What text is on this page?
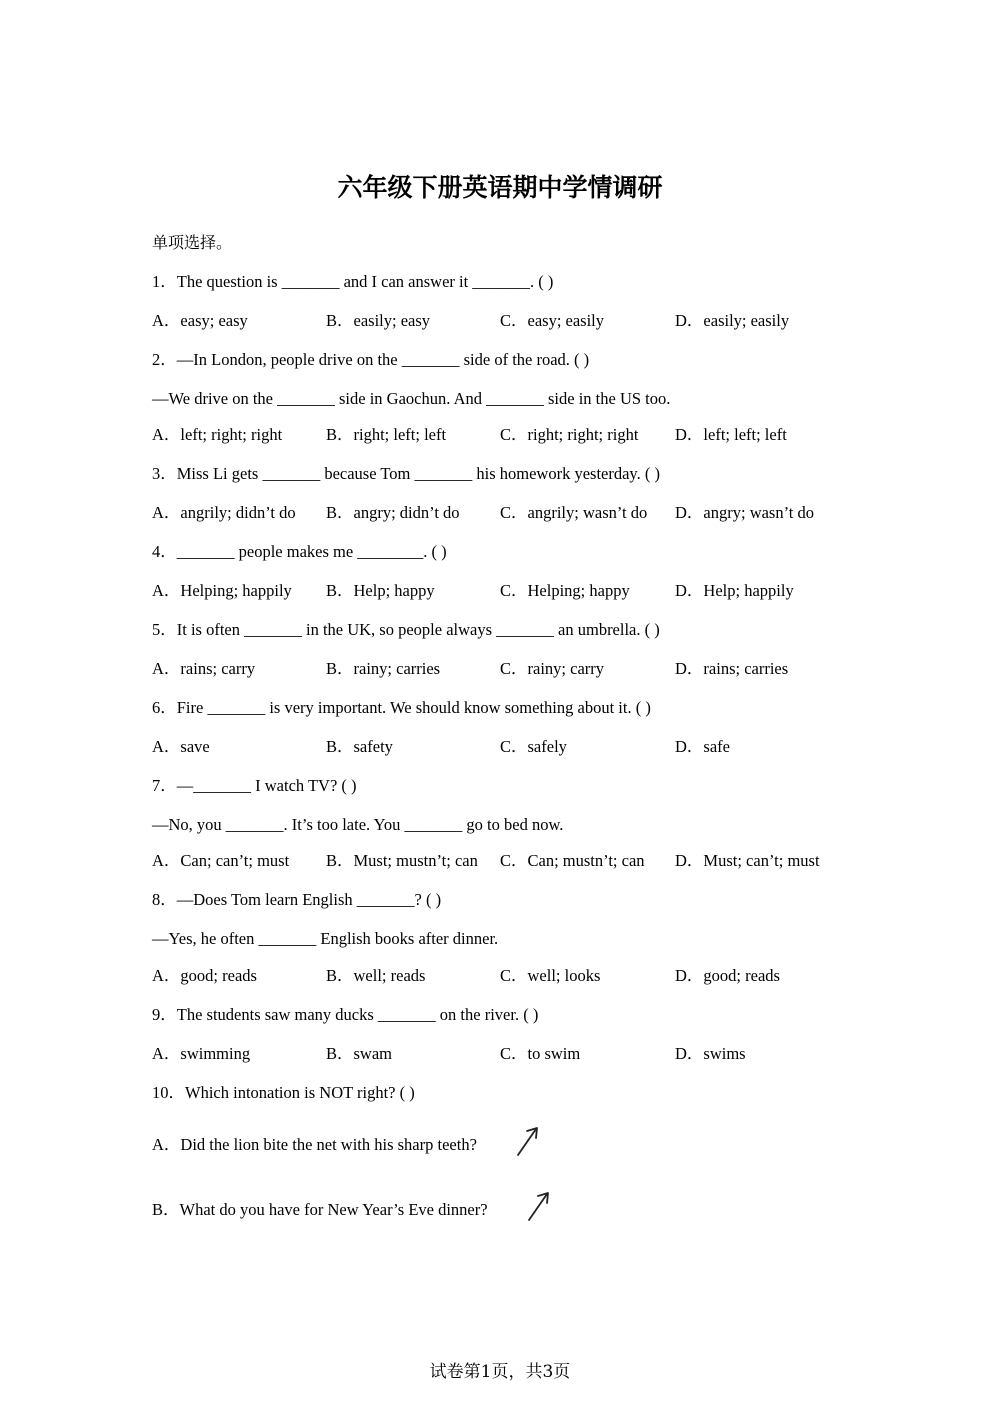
六年级下册英语期中学情调研
单项选择。
1．The question is _______ and I can answer it _______. ( )
A．easy; easy	B．easily; easy	C．easy; easily	D．easily; easily
2．—In London, people drive on the _______ side of the road. ( )
—We drive on the _______ side in Gaochun. And _______ side in the US too.
A．left; right; right	B．right; left; left	C．right; right; right D．left; left; left
3．Miss Li gets _______ because Tom _______ his homework yesterday. ( )
A．angrily; didn’t do B．angry; didn’t do C．angrily; wasn’t do D．angry; wasn’t do
4．_______ people makes me ________. ( )
A．Helping; happily B．Help; happy	C．Helping; happy	D．Help; happily
5．It is often _______ in the UK, so people always _______ an umbrella. ( )
A．rains; carry	B．rainy; carries	C．rainy; carry	D．rains; carries
6．Fire _______ is very important. We should know something about it. ( )
A．save	B．safety	C．safely	D．safe
7．—_______ I watch TV? ( )
—No, you _______. It’s too late. You _______ go to bed now.
A．Can; can’t; must B．Must; mustn’t; can C．Can; mustn’t; can D．Must; can’t; must
8．—Does Tom learn English _______? ( )
—Yes, he often _______ English books after dinner.
A．good; reads	B．well; reads	C．well; looks	D．good; reads
9．The students saw many ducks _______ on the river. ( )
A．swimming	B．swam	C．to swim	D．swims
10．Which intonation is NOT right? ( )
A．Did the lion bite the net with his sharp teeth?
B．What do you have for New Year’s Eve dinner?
试卷第1页，共3页
